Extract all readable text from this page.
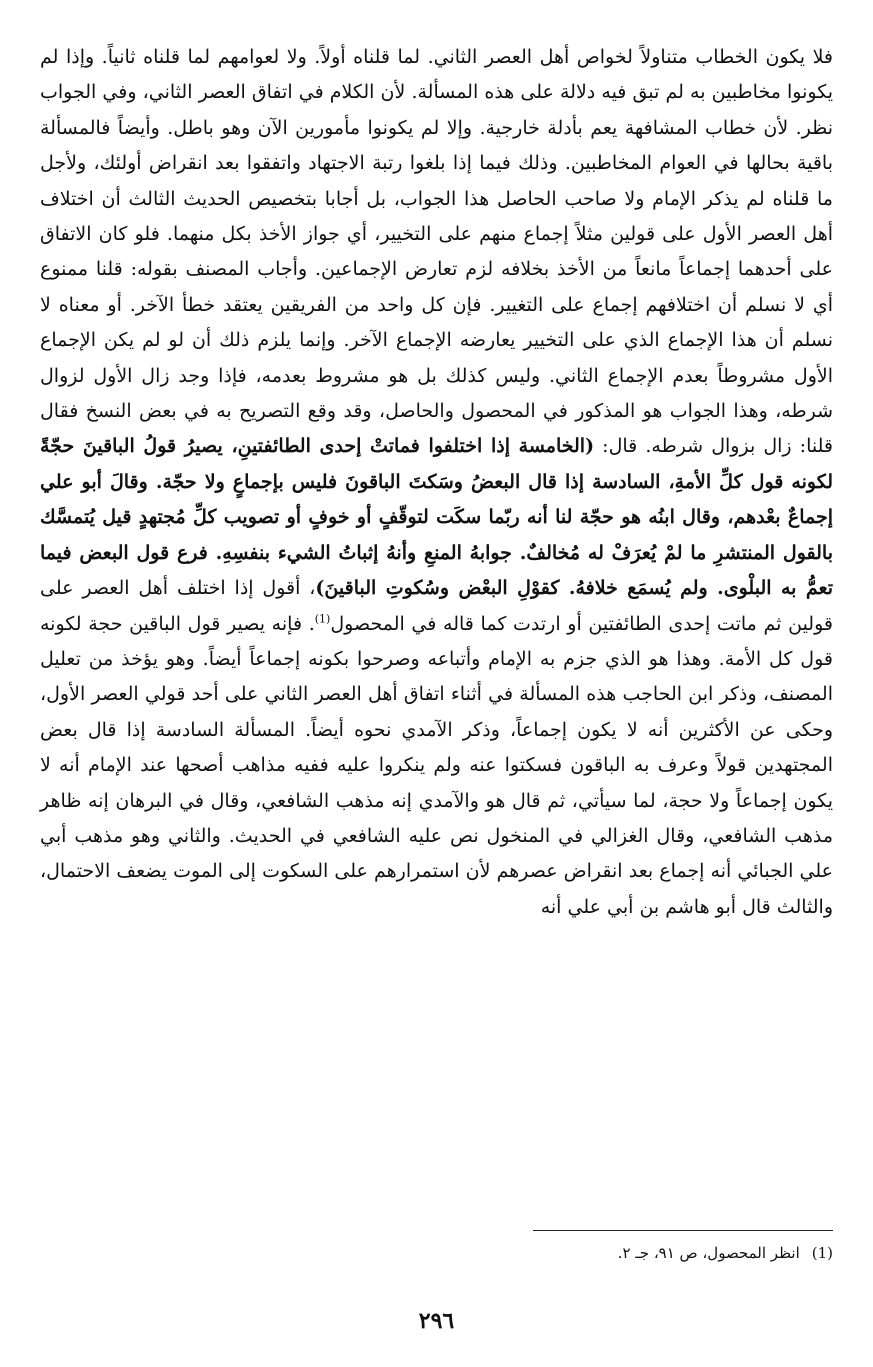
فلا يكون الخطاب متناولاً لخواص أهل العصر الثاني. لما قلناه أولاً. ولا لعوامهم لما قلناه ثانياً. وإذا لم يكونوا مخاطبين به لم تبق فيه دلالة على هذه المسألة. لأن الكلام في اتفاق العصر الثاني، وفي الجواب نظر. لأن خطاب المشافهة يعم بأدلة خارجية. وإلا لم يكونوا مأمورين الآن وهو باطل. وأيضاً فالمسألة باقية بحالها في العوام المخاطبين. وذلك فيما إذا بلغوا رتبة الاجتهاد واتفقوا بعد انقراض أولئك، ولأجل ما قلناه لم يذكر الإمام ولا صاحب الحاصل هذا الجواب، بل أجابا بتخصيص الحديث الثالث أن اختلاف أهل العصر الأول على قولين مثلاً إجماع منهم على التخيير، أي جواز الأخذ بكل منهما. فلو كان الاتفاق على أحدهما إجماعاً مانعاً من الأخذ بخلافه لزم تعارض الإجماعين. وأجاب المصنف بقوله: قلنا ممنوع أي لا نسلم أن اختلافهم إجماع على التغيير. فإن كل واحد من الفريقين يعتقد خطأ الآخر. أو معناه لا نسلم أن هذا الإجماع الذي على التخيير يعارضه الإجماع الآخر. وإنما يلزم ذلك أن لو لم يكن الإجماع الأول مشروطاً بعدم الإجماع الثاني. وليس كذلك بل هو مشروط بعدمه، فإذا وجد زال الأول لزوال شرطه، وهذا الجواب هو المذكور في المحصول والحاصل، وقد وقع التصريح به في بعض النسخ فقال قلنا: زال بزوال شرطه. قال: (الخامسة إذا اختلفوا فماتتْ إحدى الطائفتينِ، يصيرُ قولُ الباقينَ حجّةً لكونه قول كلِّ الأمةِ، السادسة إذا قال البعضُ وسَكتَ الباقونَ فليس بإجماعٍ ولا حجّة. وقالَ أبو علي إجماعٌ بعْدهم، وقال ابنُه هو حجّة لنا أنه ربّما سكَت لتوقّفٍ أو خوفٍ أو تصويب كلِّ مُجتهدٍ قيل يُتمسَّك بالقول المنتشرِ ما لمْ يُعرَفْ له مُخالفٌ. جوابهُ المنعِ وأنهُ إثباتُ الشيء بنفسِهِ. فرع قول البعض فيما تعمُّ به البلْوى. ولم يُسمَع خلافهُ. كقوْلِ البعْض وسُكوتِ الباقينَ)، أقول إذا اختلف أهل العصر على قولين ثم ماتت إحدى الطائفتين أو ارتدت كما قاله في المحصول$^{(1)}$. فإنه يصير قول الباقين حجة لكونه قول كل الأمة. وهذا هو الذي جزم به الإمام وأتباعه وصرحوا بكونه إجماعاً أيضاً. وهو يؤخذ من تعليل المصنف، وذكر ابن الحاجب هذه المسألة في أثناء اتفاق أهل العصر الثاني على أحد قولي العصر الأول، وحكى عن الأكثرين أنه لا يكون إجماعاً، وذكر الآمدي نحوه أيضاً. المسألة السادسة إذا قال بعض المجتهدين قولاً وعرف به الباقون فسكتوا عنه ولم ينكروا عليه ففيه مذاهب أصحها عند الإمام أنه لا يكون إجماعاً ولا حجة، لما سيأتي، ثم قال هو والآمدي إنه مذهب الشافعي، وقال في البرهان إنه ظاهر مذهب الشافعي، وقال الغزالي في المنخول نص عليه الشافعي في الحديث. والثاني وهو مذهب أبي علي الجبائي أنه إجماع بعد انقراض عصرهم لأن استمرارهم على السكوت إلى الموت يضعف الاحتمال، والثالث قال أبو هاشم بن أبي علي أنه

(1)انظر المحصول، ص ٩١، جـ ٢.
٢٩٦
